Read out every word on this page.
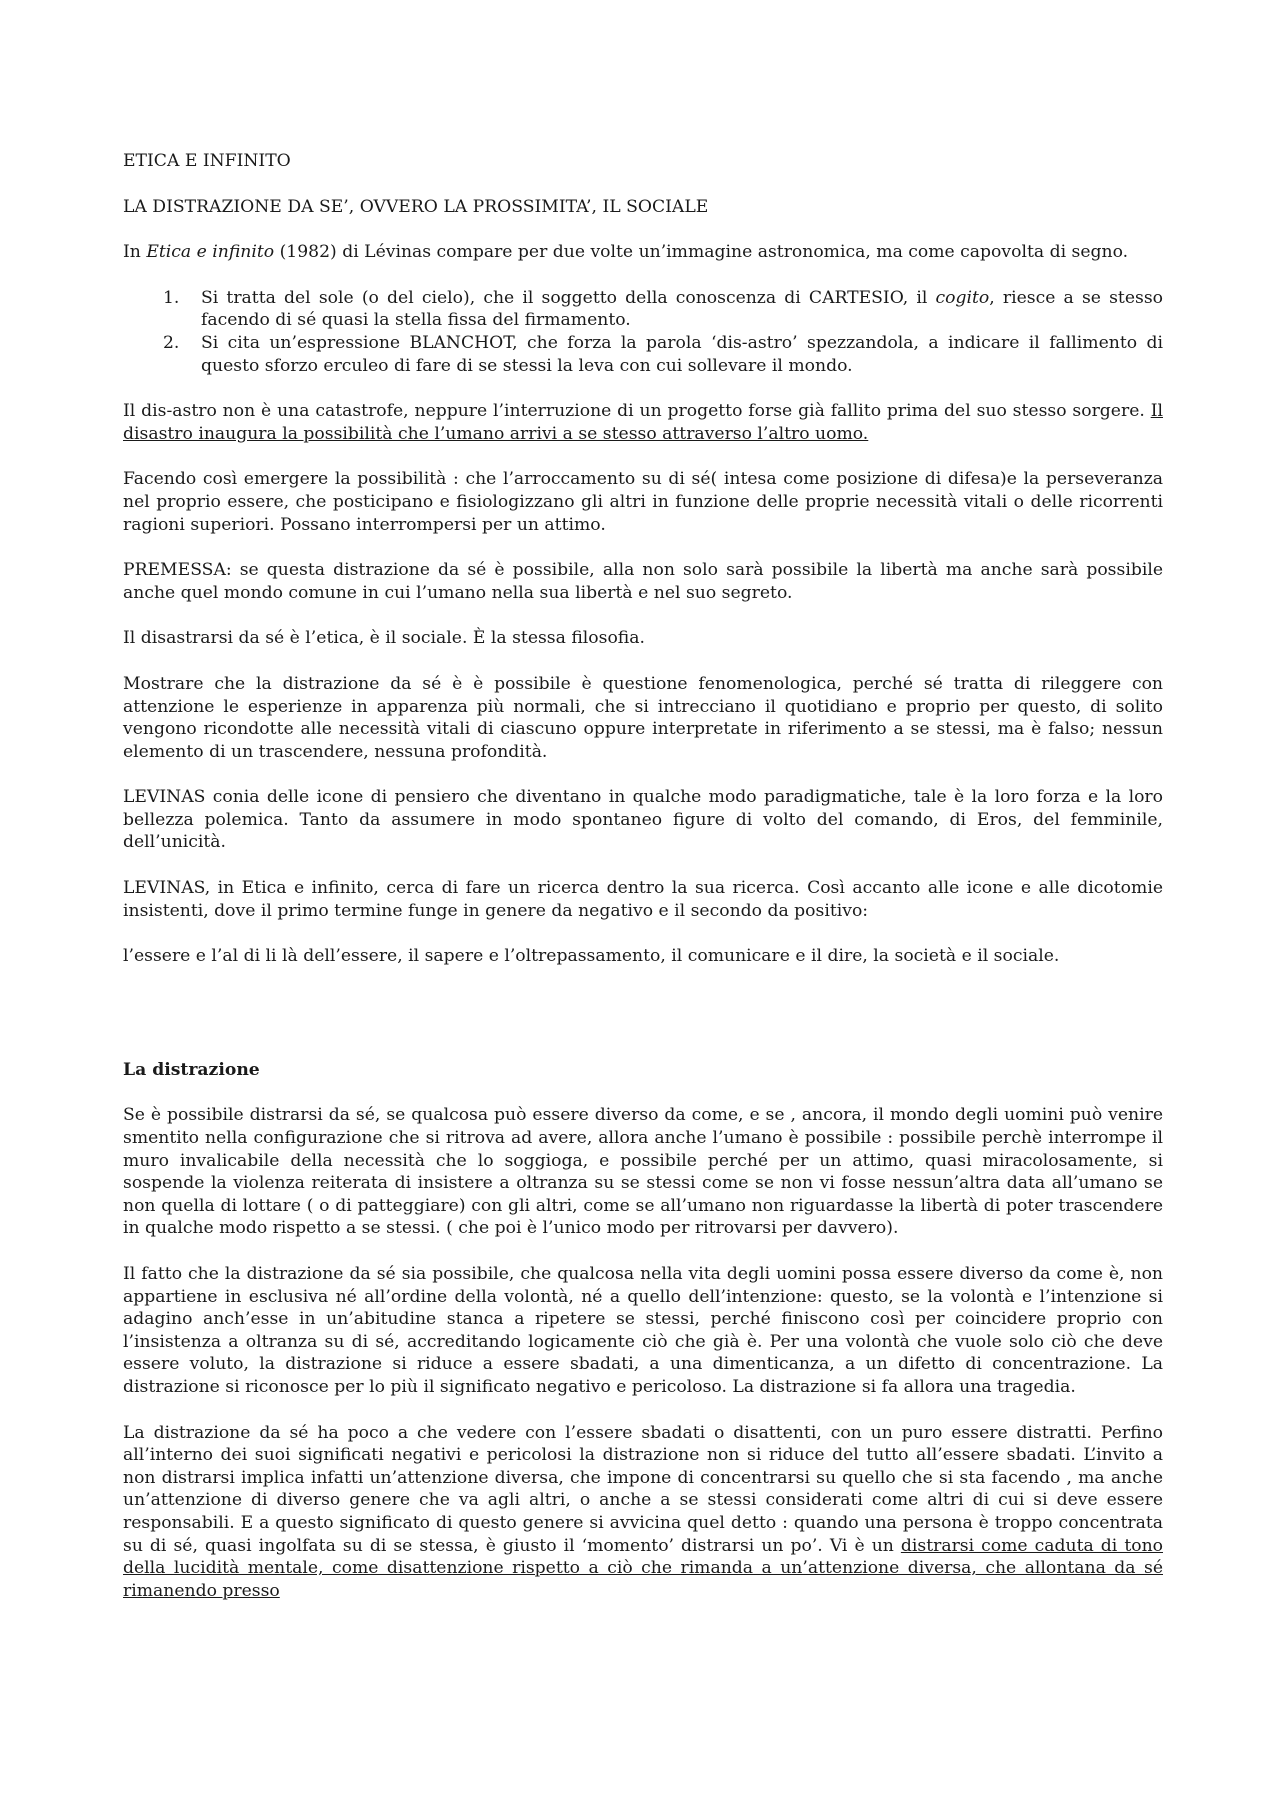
ETICA E INFINITO

LA DISTRAZIONE DA SE’, OVVERO LA PROSSIMITA’, IL SOCIALE

In Etica e infinito (1982) di Lévinas compare per due volte un’immagine astronomica, ma come capovolta di segno.

1. Si tratta del sole (o del cielo), che il soggetto della conoscenza di CARTESIO, il cogito, riesce a se stesso facendo di sé quasi la stella fissa del firmamento.
2. Si cita un’espressione BLANCHOT, che forza la parola ‘dis-astro’ spezzandola, a indicare il fallimento di questo sforzo erculeo di fare di se stessi la leva con cui sollevare il mondo.

Il dis-astro non è una catastrofe, neppure l’interruzione di un progetto forse già fallito prima del suo stesso sorgere. Il disastro inaugura la possibilità che l’umano arrivi a se stesso attraverso l’altro uomo.

Facendo così emergere la possibilità : che l’arroccamento su di sé( intesa come posizione di difesa)e la perseveranza nel proprio essere, che posticipano e fisiologizzano gli altri in funzione delle proprie necessità vitali o delle ricorrenti ragioni superiori. Possano interrompersi per un attimo.

PREMESSA: se questa distrazione da sé è possibile, alla non solo sarà possibile la libertà ma anche sarà possibile anche quel mondo comune in cui l’umano nella sua libertà e nel suo segreto.

Il disastrarsi da sé è l’etica, è il sociale. È la stessa filosofia.

Mostrare che la distrazione da sé è è possibile è questione fenomenologica, perché sé tratta di rileggere con attenzione le esperienze in apparenza più normali, che si intrecciano il quotidiano e proprio per questo, di solito vengono ricondotte alle necessità vitali di ciascuno oppure interpretate in riferimento a se stessi, ma è falso; nessun elemento di un trascendere, nessuna profondità.

LEVINAS conia delle icone di pensiero che diventano in qualche modo paradigmatiche, tale è la loro forza e la loro bellezza polemica. Tanto da assumere in modo spontaneo figure di volto del comando, di Eros, del femminile, dell’unicità.

LEVINAS, in Etica e infinito, cerca di fare un ricerca dentro la sua ricerca. Così accanto alle icone e alle dicotomie insistenti, dove il primo termine funge in genere da negativo e il secondo da positivo:

l’essere e l’al di li là dell’essere, il sapere e l’oltrepassamento, il comunicare e il dire, la società e il sociale.

La distrazione

Se è possibile distrarsi da sé, se qualcosa può essere diverso da come, e se , ancora, il mondo degli uomini può venire smentito nella configurazione che si ritrova ad avere, allora anche l’umano è possibile : possibile perchè interrompe il muro invalicabile della necessità che lo soggioga, e possibile perché per un attimo, quasi miracolosamente, si sospende la violenza reiterata di insistere a oltranza su se stessi come se non vi fosse nessun’altra data all’umano se non quella di lottare ( o di patteggiare) con gli altri, come se all’umano non riguardasse la libertà di poter trascendere in qualche modo rispetto a se stessi. ( che poi è l’unico modo per ritrovarsi per davvero).

Il fatto che la distrazione da sé sia possibile, che qualcosa nella vita degli uomini possa essere diverso da come è, non appartiene in esclusiva né all’ordine della volontà, né a quello dell’intenzione: questo, se la volontà e l’intenzione si adagino anch’esse in un’abitudine stanca a ripetere se stessi, perché finiscono così per coincidere proprio con l’insistenza a oltranza su di sé, accreditando logicamente ciò che già è. Per una volontà che vuole solo ciò che deve essere voluto, la distrazione si riduce a essere sbadati, a una dimenticanza, a un difetto di concentrazione. La distrazione si riconosce per lo più il significato negativo e pericoloso. La distrazione si fa allora una tragedia.

La distrazione da sé ha poco a che vedere con l’essere sbadati o disattenti, con un puro essere distratti. Perfino all’interno dei suoi significati negativi e pericolosi la distrazione non si riduce del tutto all’essere sbadati. L’invito a non distrarsi implica infatti un’attenzione diversa, che impone di concentrarsi su quello che si sta facendo , ma anche un’attenzione di diverso genere che va agli altri, o anche a se stessi considerati come altri di cui si deve essere responsabili. E a questo significato di questo genere si avvicina quel detto : quando una persona è troppo concentrata su di sé, quasi ingolfata su di se stessa, è giusto il ‘momento’ distrarsi un po’. Vi è un distrarsi come caduta di tono della lucidità mentale, come disattenzione rispetto a ciò che rimanda a un’attenzione diversa, che allontana da sé rimanendo presso
